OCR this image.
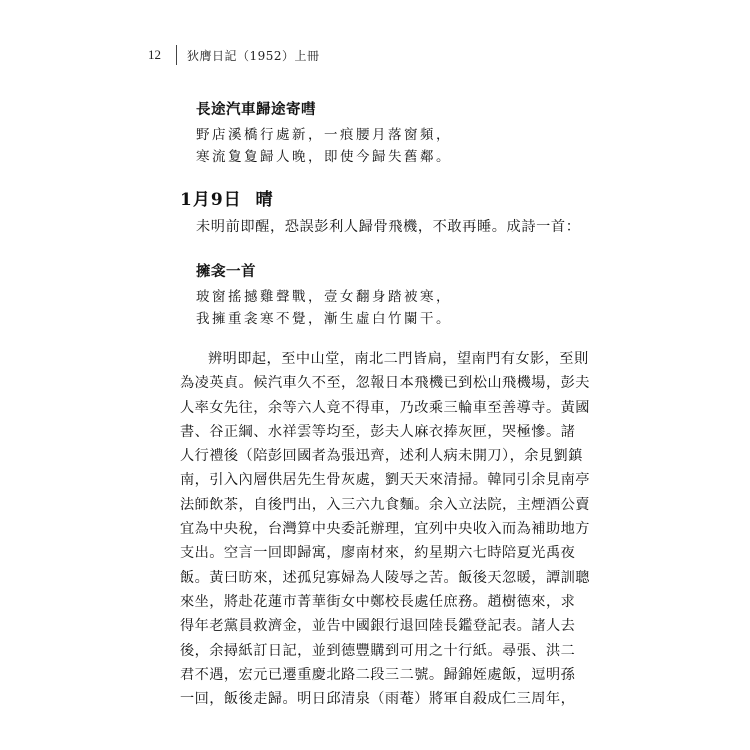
12	狄膺日記（1952）上冊
長途汽車歸途寄嘒
野店溪橋行處新，一痕腰月落窗頻，
寒流夐夐歸人晚，即使今歸失舊鄰。
1月9日 晴
未明前即醒，恐誤彭利人歸骨飛機，不敢再睡。成詩一首：
擁衾一首
玻窗搖撼雞聲戰，壹女翻身踏被寒，
我擁重衾寒不覺，漸生虛白竹闌干。
辨明即起，至中山堂，南北二門皆扃，望南門有女影，至則
為凌英貞。候汽車久不至，忽報日本飛機已到松山飛機場，彭夫
人率女先往，余等六人竟不得車，乃改乘三輪車至善導寺。黃國
書、谷正綱、水祥雲等均至，彭夫人麻衣捧灰匣，哭極慘。諸
人行禮後（陪彭回國者為張迅齊，述利人病未開刀），余見劉鎮
南，引入內層供居先生骨灰處，劉天天來清掃。韓同引余見南亭
法師飲茶，自後門出，入三六九食麵。余入立法院，主煙酒公賣
宜為中央稅，台灣算中央委託辦理，宜列中央收入而為補助地方
支出。空言一回即歸寓，廖南材來，約星期六七時陪夏光禹夜
飯。黃曰昉來，述孤兒寡婦為人陵辱之苦。飯後天忽暖，譚訓聰
來坐，將赴花蓮市菁華街女中鄭校長處任庶務。趙樹德來，求
得年老黨員救濟金，並告中國銀行退回陸長鑑登記表。諸人去
後，余撏紙訂日記，並到德豐購到可用之十行紙。尋張、洪二
君不遇，宏元已遷重慶北路二段三二號。歸錦姪處飯，逗明孫
一回，飯後走歸。明日邱清泉（雨菴）將軍自殺成仁三周年，
